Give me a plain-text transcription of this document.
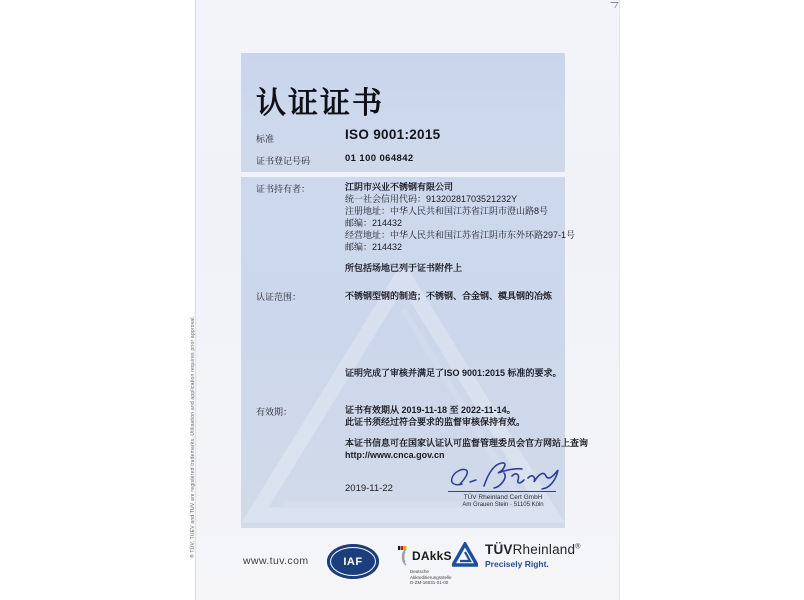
® TÜV, TUEV and TUV are registered trademarks. Utilisation and application requires prior approval.
认证证书
标准	ISO 9001:2015
证书登记号码	01 100 064842
证书持有者：	江阴市兴业不锈钢有限公司
统一社会信用代码：91320281703521232Y
注册地址：中华人民共和国江苏省江阴市澄山路8号
邮编：214432
经营地址：中华人民共和国江苏省江阴市东外环路297-1号
邮编：214432
所包括场地已列于证书附件上
认证范围：	不锈钢型钢的制造；不锈钢、合金钢、模具钢的冶炼
证明完成了审核并满足了ISO 9001:2015 标准的要求。
有效期：	证书有效期从 2019-11-18 至 2022-11-14。
此证书须经过符合要求的监督审核保持有效。
本证书信息可在国家认证认可监督管理委员会官方网站上查询
http://www.cnca.gov.cn
2019-11-22
TÜV Rheinland Cert GmbH
Am Grauen Stein · 51105 Köln
www.tuv.com	IAF	DAkkS
Deutsche
Akkreditierungsstelle
D-ZM-16031-01-00
TÜVRheinland®
Precisely Right.
